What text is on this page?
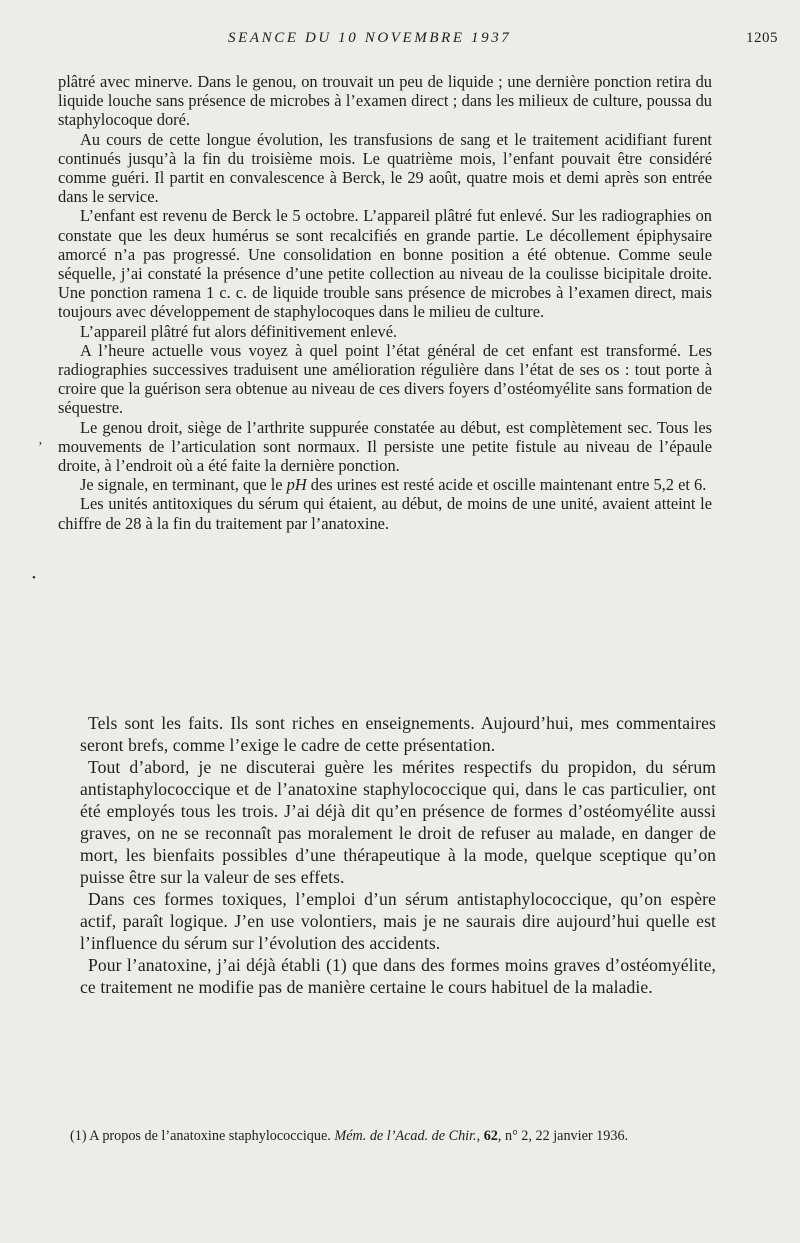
SEANCE DU 10 NOVEMBRE 1937	1205

plâtré avec minerve. Dans le genou, on trouvait un peu de liquide ; une dernière ponction retira du liquide louche sans présence de microbes à l’examen direct ; dans les milieux de culture, poussa du staphylocoque doré.

Au cours de cette longue évolution, les transfusions de sang et le traitement acidifiant furent continués jusqu’à la fin du troisième mois. Le quatrième mois, l’enfant pouvait être considéré comme guéri. Il partit en convalescence à Berck, le 29 août, quatre mois et demi après son entrée dans le service.

L’enfant est revenu de Berck le 5 octobre. L’appareil plâtré fut enlevé. Sur les radiographies on constate que les deux humérus se sont recalcifiés en grande partie. Le décollement épiphysaire amorcé n’a pas progressé. Une consolidation en bonne position a été obtenue. Comme seule séquelle, j’ai constaté la présence d’une petite collection au niveau de la coulisse bicipitale droite. Une ponction ramena 1 c. c. de liquide trouble sans présence de microbes à l’examen direct, mais toujours avec développement de staphylocoques dans le milieu de culture.

L’appareil plâtré fut alors définitivement enlevé.

A l’heure actuelle vous voyez à quel point l’état général de cet enfant est transformé. Les radiographies successives traduisent une amélioration régulière dans l’état de ses os : tout porte à croire que la guérison sera obtenue au niveau de ces divers foyers d’ostéomyélite sans formation de séquestre.

Le genou droit, siège de l’arthrite suppurée constatée au début, est complètement sec. Tous les mouvements de l’articulation sont normaux. Il persiste une petite fistule au niveau de l’épaule droite, à l’endroit où a été faite la dernière ponction.

Je signale, en terminant, que le pH des urines est resté acide et oscille maintenant entre 5,2 et 6.

Les unités antitoxiques du sérum qui étaient, au début, de moins de une unité, avaient atteint le chiffre de 28 à la fin du traitement par l’anatoxine.

Tels sont les faits. Ils sont riches en enseignements. Aujourd’hui, mes commentaires seront brefs, comme l’exige le cadre de cette présentation.

Tout d’abord, je ne discuterai guère les mérites respectifs du propidon, du sérum antistaphylococcique et de l’anatoxine staphylococcique qui, dans le cas particulier, ont été employés tous les trois. J’ai déjà dit qu’en présence de formes d’ostéomyélite aussi graves, on ne se reconnaît pas moralement le droit de refuser au malade, en danger de mort, les bienfaits possibles d’une thérapeutique à la mode, quelque sceptique qu’on puisse être sur la valeur de ses effets.

Dans ces formes toxiques, l’emploi d’un sérum antistaphylococcique, qu’on espère actif, paraît logique. J’en use volontiers, mais je ne saurais dire aujourd’hui quelle est l’influence du sérum sur l’évolution des accidents.

Pour l’anatoxine, j’ai déjà établi (1) que dans des formes moins graves d’ostéomyélite, ce traitement ne modifie pas de manière certaine le cours habituel de la maladie.

(1) A propos de l’anatoxine staphylococcique. Mém. de l’Acad. de Chir., 62, n° 2, 22 janvier 1936.

’
•
